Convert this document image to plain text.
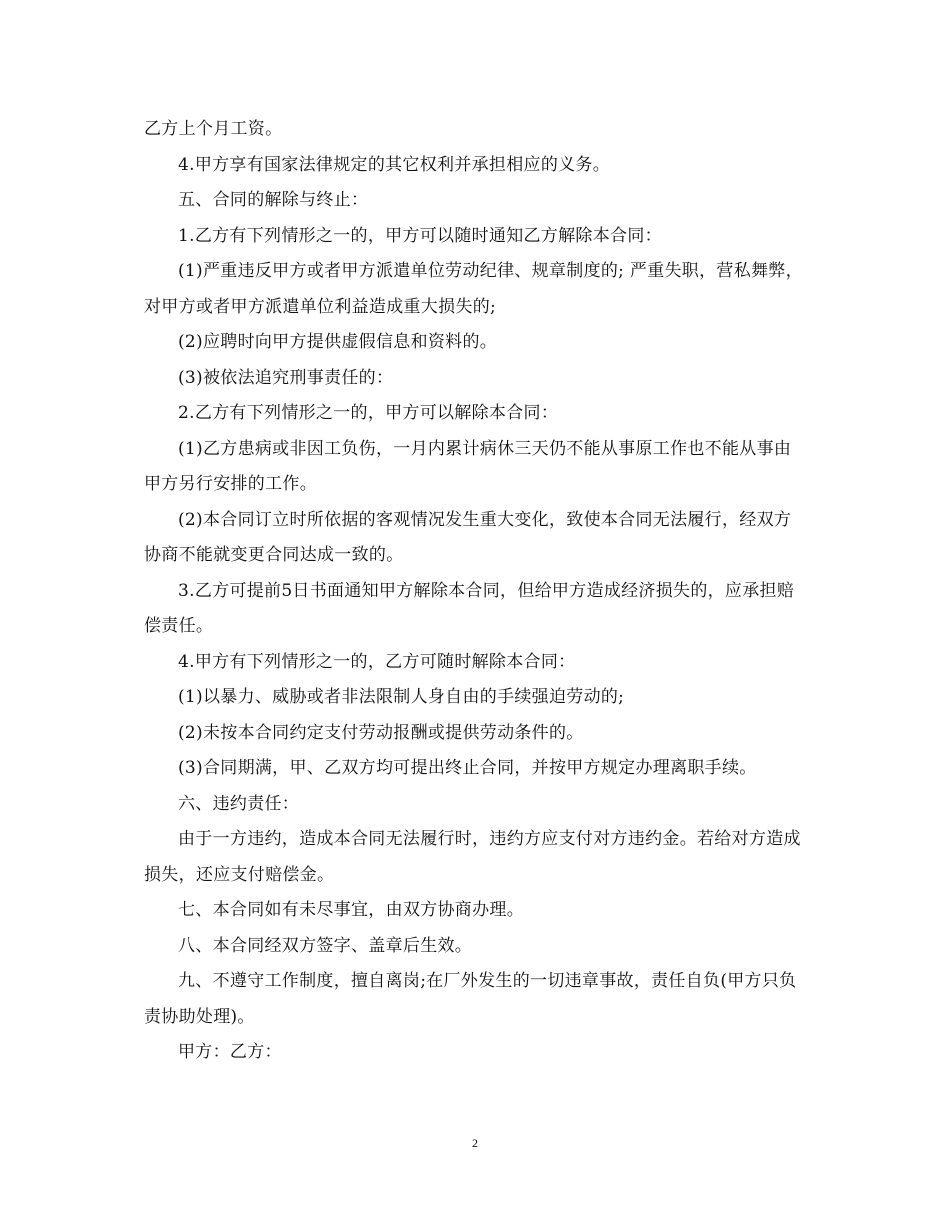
乙方上个月工资。

4.甲方享有国家法律规定的其它权利并承担相应的义务。

五、合同的解除与终止：

1.乙方有下列情形之一的，甲方可以随时通知乙方解除本合同：

(1)严重违反甲方或者甲方派遣单位劳动纪律、规章制度的; 严重失职，营私舞弊，对甲方或者甲方派遣单位利益造成重大损失的;

(2)应聘时向甲方提供虚假信息和资料的。

(3)被依法追究刑事责任的：

2.乙方有下列情形之一的，甲方可以解除本合同：

(1)乙方患病或非因工负伤，一月内累计病休三天仍不能从事原工作也不能从事由甲方另行安排的工作。

(2)本合同订立时所依据的客观情况发生重大变化，致使本合同无法履行，经双方协商不能就变更合同达成一致的。

3.乙方可提前5日书面通知甲方解除本合同，但给甲方造成经济损失的，应承担赔偿责任。

4.甲方有下列情形之一的，乙方可随时解除本合同：

(1)以暴力、威胁或者非法限制人身自由的手续强迫劳动的;

(2)未按本合同约定支付劳动报酬或提供劳动条件的。

(3)合同期满，甲、乙双方均可提出终止合同，并按甲方规定办理离职手续。

六、违约责任：

由于一方违约，造成本合同无法履行时，违约方应支付对方违约金。若给对方造成损失，还应支付赔偿金。

七、本合同如有未尽事宜，由双方协商办理。

八、本合同经双方签字、盖章后生效。

九、不遵守工作制度，擅自离岗;在厂外发生的一切违章事故，责任自负(甲方只负责协助处理)。

甲方：乙方：

2
